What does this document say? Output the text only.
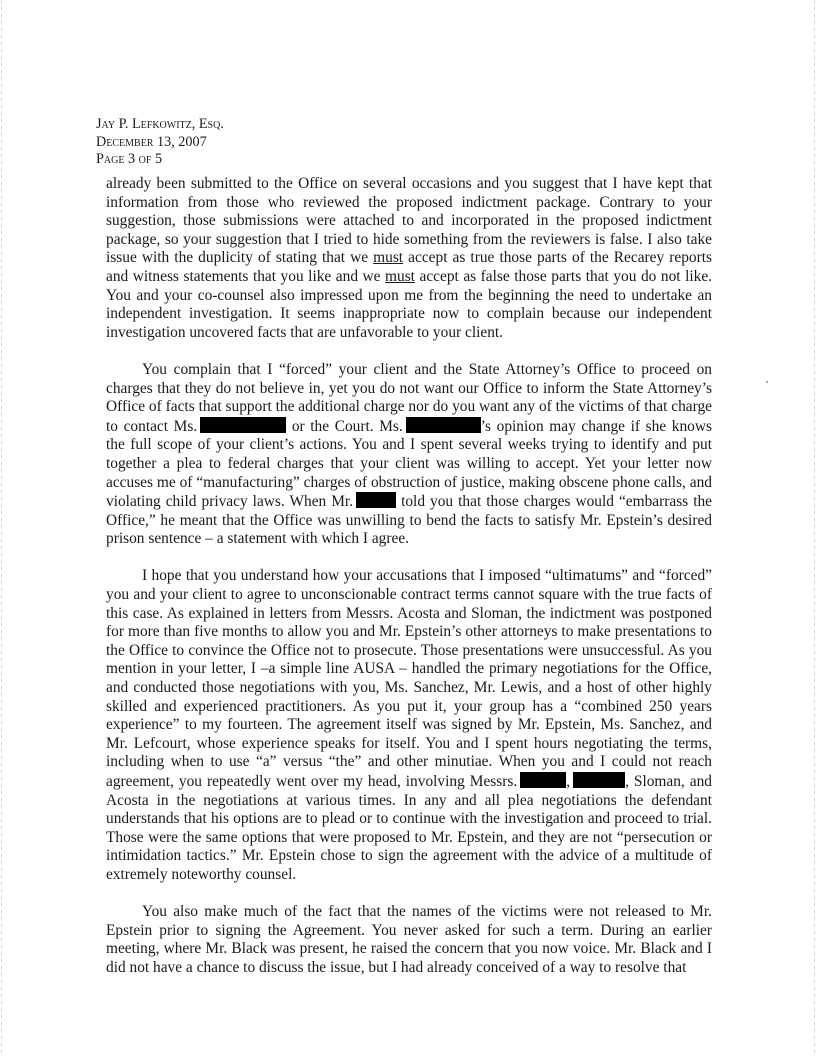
Jay P. Lefkowitz, Esq.
December 13, 2007
Page 3 of 5

already been submitted to the Office on several occasions and you suggest that I have kept that information from those who reviewed the proposed indictment package. Contrary to your suggestion, those submissions were attached to and incorporated in the proposed indictment package, so your suggestion that I tried to hide something from the reviewers is false. I also take issue with the duplicity of stating that we must accept as true those parts of the Recarey reports and witness statements that you like and we must accept as false those parts that you do not like. You and your co-counsel also impressed upon me from the beginning the need to undertake an independent investigation. It seems inappropriate now to complain because our independent investigation uncovered facts that are unfavorable to your client.

You complain that I “forced” your client and the State Attorney’s Office to proceed on charges that they do not believe in, yet you do not want our Office to inform the State Attorney’s Office of facts that support the additional charge nor do you want any of the victims of that charge to contact Ms.	or the Court. Ms.	’s opinion may change if she knows the full scope of your client’s actions. You and I spent several weeks trying to identify and put together a plea to federal charges that your client was willing to accept. Yet your letter now accuses me of “manufacturing” charges of obstruction of justice, making obscene phone calls, and violating child privacy laws. When Mr.	told you that those charges would “embarrass the Office,” he meant that the Office was unwilling to bend the facts to satisfy Mr. Epstein’s desired prison sentence – a statement with which I agree.

I hope that you understand how your accusations that I imposed “ultimatums” and “forced” you and your client to agree to unconscionable contract terms cannot square with the true facts of this case. As explained in letters from Messrs. Acosta and Sloman, the indictment was postponed for more than five months to allow you and Mr. Epstein’s other attorneys to make presentations to the Office to convince the Office not to prosecute. Those presentations were unsuccessful. As you mention in your letter, I –a simple line AUSA – handled the primary negotiations for the Office, and conducted those negotiations with you, Ms. Sanchez, Mr. Lewis, and a host of other highly skilled and experienced practitioners. As you put it, your group has a “combined 250 years experience” to my fourteen. The agreement itself was signed by Mr. Epstein, Ms. Sanchez, and Mr. Lefcourt, whose experience speaks for itself. You and I spent hours negotiating the terms, including when to use “a” versus “the” and other minutiae. When you and I could not reach agreement, you repeatedly went over my head, involving Messrs.	,	, Sloman, and Acosta in the negotiations at various times. In any and all plea negotiations the defendant understands that his options are to plead or to continue with the investigation and proceed to trial. Those were the same options that were proposed to Mr. Epstein, and they are not “persecution or intimidation tactics.” Mr. Epstein chose to sign the agreement with the advice of a multitude of extremely noteworthy counsel.

You also make much of the fact that the names of the victims were not released to Mr. Epstein prior to signing the Agreement. You never asked for such a term. During an earlier meeting, where Mr. Black was present, he raised the concern that you now voice. Mr. Black and I did not have a chance to discuss the issue, but I had already conceived of a way to resolve that
